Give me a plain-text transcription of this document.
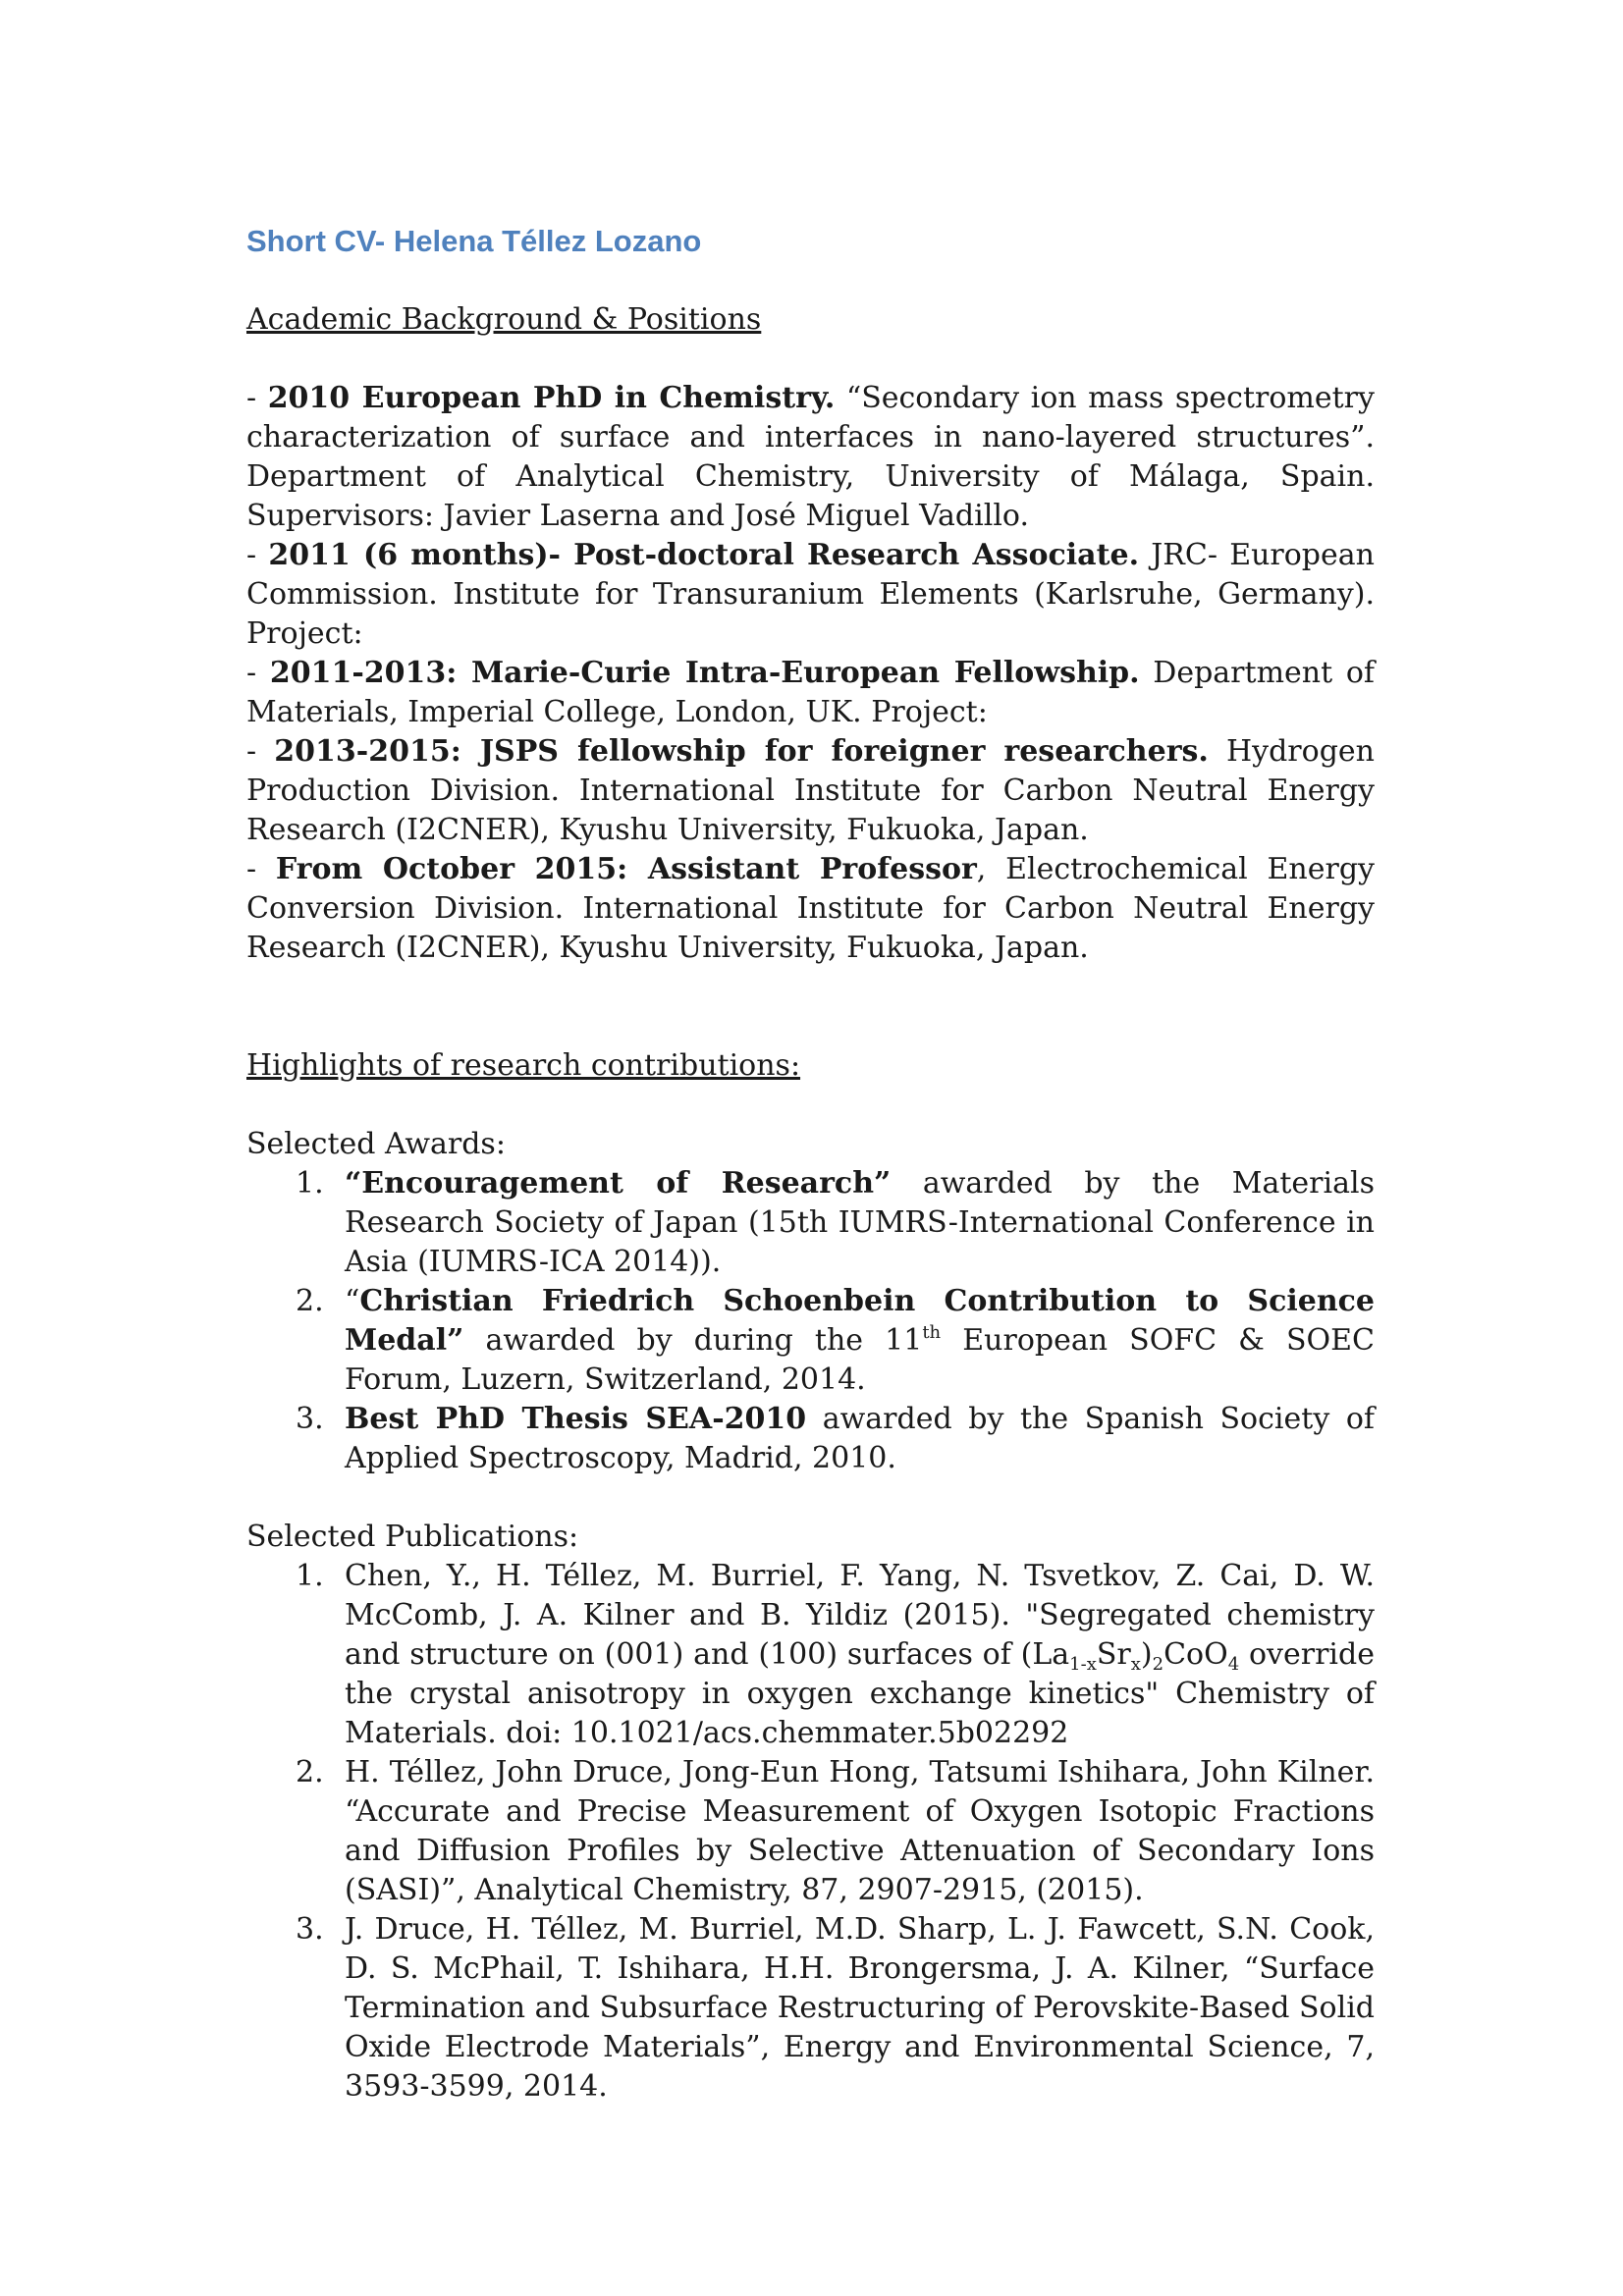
Short CV- Helena Téllez Lozano
Academic Background & Positions
- 2010 European PhD in Chemistry. “Secondary ion mass spectrometry characterization of surface and interfaces in nano-layered structures”. Department of Analytical Chemistry, University of Málaga, Spain. Supervisors: Javier Laserna and José Miguel Vadillo.
- 2011 (6 months)- Post-doctoral Research Associate. JRC- European Commission. Institute for Transuranium Elements (Karlsruhe, Germany). Project:
- 2011-2013: Marie-Curie Intra-European Fellowship. Department of Materials, Imperial College, London, UK. Project:
- 2013-2015: JSPS fellowship for foreigner researchers. Hydrogen Production Division. International Institute for Carbon Neutral Energy Research (I2CNER), Kyushu University, Fukuoka, Japan.
- From October 2015: Assistant Professor, Electrochemical Energy Conversion Division. International Institute for Carbon Neutral Energy Research (I2CNER), Kyushu University, Fukuoka, Japan.
Highlights of research contributions:
Selected Awards:
1. “Encouragement of Research” awarded by the Materials Research Society of Japan (15th IUMRS-International Conference in Asia (IUMRS-ICA 2014)).
2. “Christian Friedrich Schoenbein Contribution to Science Medal” awarded by during the 11th European SOFC & SOEC Forum, Luzern, Switzerland, 2014.
3. Best PhD Thesis SEA-2010 awarded by the Spanish Society of Applied Spectroscopy, Madrid, 2010.
Selected Publications:
1. Chen, Y., H. Téllez, M. Burriel, F. Yang, N. Tsvetkov, Z. Cai, D. W. McComb, J. A. Kilner and B. Yildiz (2015). "Segregated chemistry and structure on (001) and (100) surfaces of $(La_{1-x}Sr_x)_2CoO_4$ override the crystal anisotropy in oxygen exchange kinetics" Chemistry of Materials. doi: 10.1021/acs.chemmater.5b02292
2. H. Téllez, John Druce, Jong-Eun Hong, Tatsumi Ishihara, John Kilner. “Accurate and Precise Measurement of Oxygen Isotopic Fractions and Diffusion Profiles by Selective Attenuation of Secondary Ions (SASI)”, Analytical Chemistry, 87, 2907-2915, (2015).
3. J. Druce, H. Téllez, M. Burriel, M.D. Sharp, L. J. Fawcett, S.N. Cook, D. S. McPhail, T. Ishihara, H.H. Brongersma, J. A. Kilner, “Surface Termination and Subsurface Restructuring of Perovskite-Based Solid Oxide Electrode Materials”, Energy and Environmental Science, 7, 3593-3599, 2014.
